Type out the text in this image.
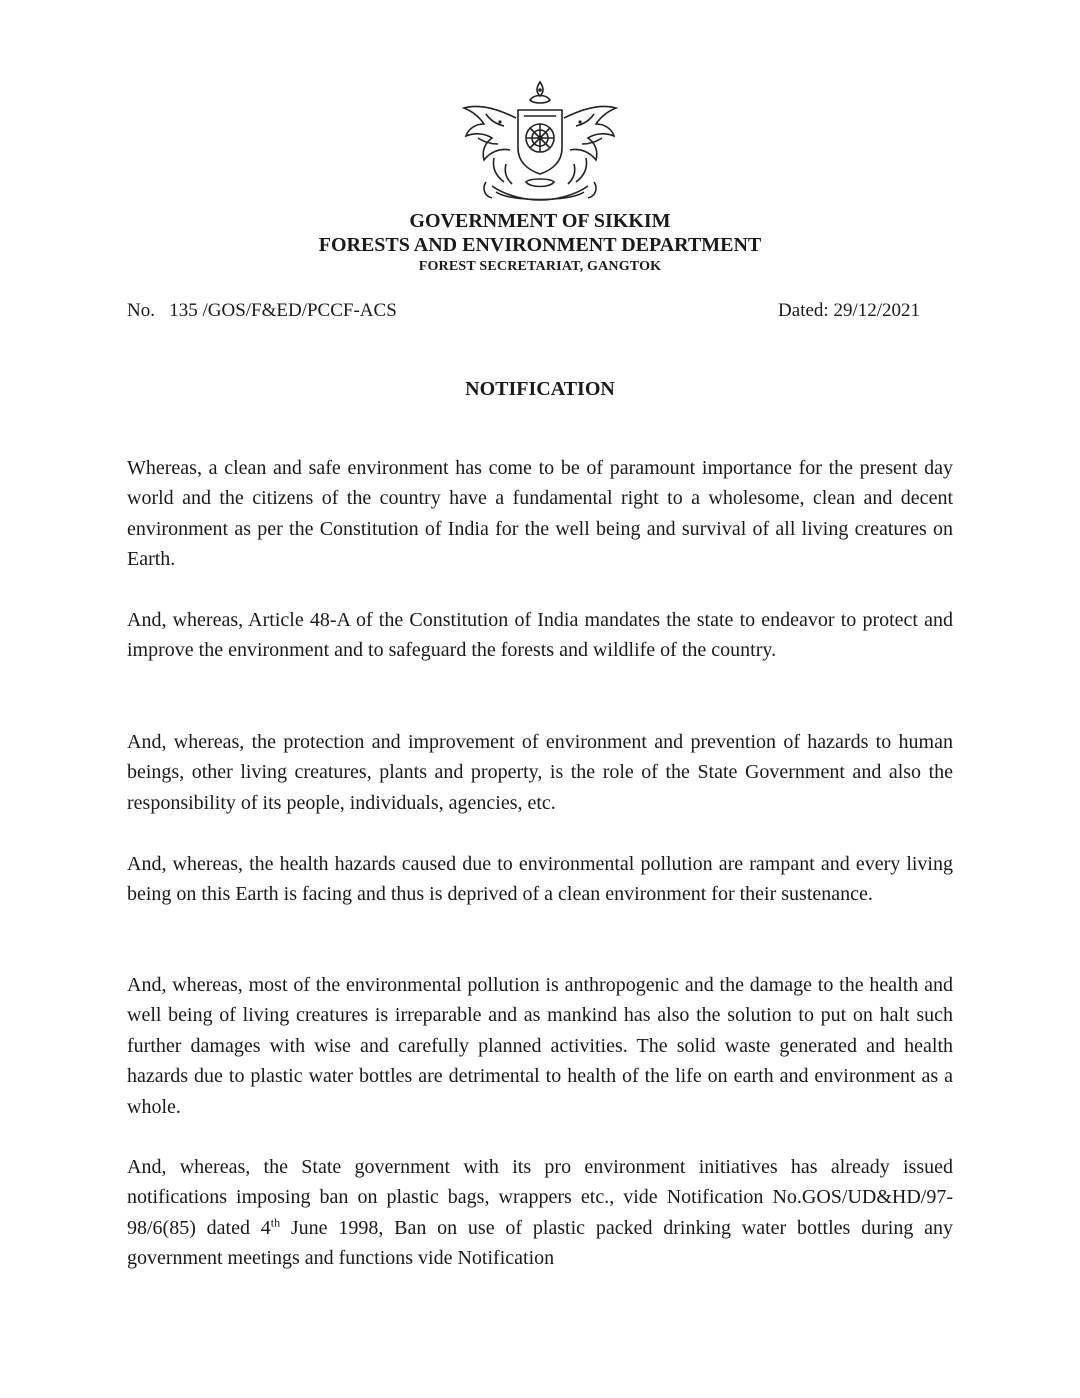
GOVERNMENT OF SIKKIM
FORESTS AND ENVIRONMENT DEPARTMENT
FOREST SECRETARIAT, GANGTOK
No.   135 /GOS/F&ED/PCCF-ACS	Dated: 29/12/2021
NOTIFICATION

Whereas, a clean and safe environment has come to be of paramount importance for the present day world and the citizens of the country have a fundamental right to a wholesome, clean and decent environment as per the Constitution of India for the well being and survival of all living creatures on Earth.

And, whereas, Article 48-A of the Constitution of India mandates the state to endeavor to protect and improve the environment and to safeguard the forests and wildlife of the country.

And, whereas, the protection and improvement of environment and prevention of hazards to human beings, other living creatures, plants and property, is the role of the State Government and also the responsibility of its people, individuals, agencies, etc.

And, whereas, the health hazards caused due to environmental pollution are rampant and every living being on this Earth is facing and thus is deprived of a clean environment for their sustenance.

And, whereas, most of the environmental pollution is anthropogenic and the damage to the health and well being of living creatures is irreparable and as mankind has also the solution to put on halt such further damages with wise and carefully planned activities. The solid waste generated and health hazards due to plastic water bottles are detrimental to health of the life on earth and environment as a whole.

And, whereas, the State government with its pro environment initiatives has already issued notifications imposing ban on plastic bags, wrappers etc., vide Notification No.GOS/UD&HD/97-98/6(85) dated 4th June 1998, Ban on use of plastic packed drinking water bottles during any government meetings and functions vide Notification
